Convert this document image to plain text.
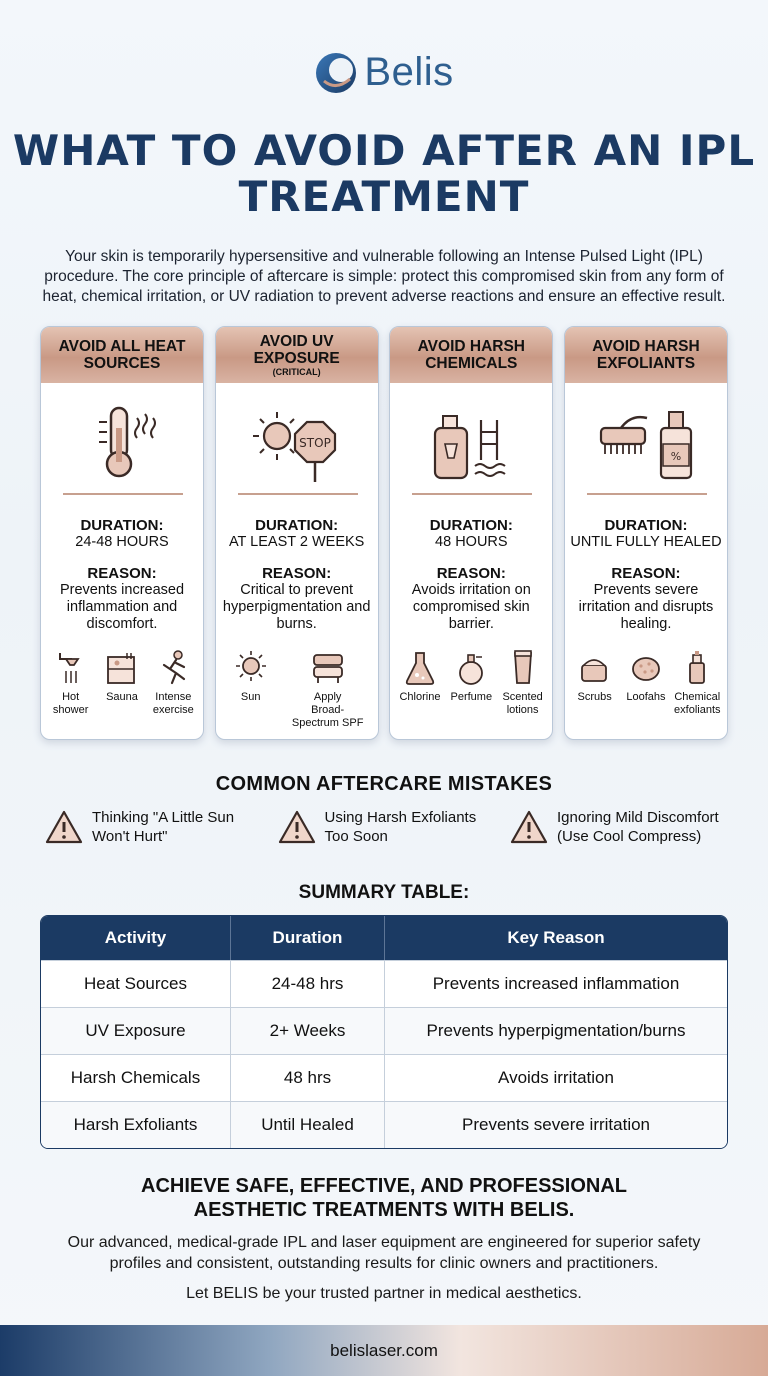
Belis
WHAT TO AVOID AFTER AN IPL TREATMENT
Your skin is temporarily hypersensitive and vulnerable following an Intense Pulsed Light (IPL) procedure. The core principle of aftercare is simple: protect this compromised skin from any form of heat, chemical irritation, or UV radiation to prevent adverse reactions and ensure an effective result.
AVOID ALL HEAT SOURCES
DURATION:
24-48 HOURS
REASON:
Prevents increased inflammation and discomfort.
Hot shower
Sauna	Intense exercise
AVOID UV EXPOSURE
(CRITICAL)
STOP
DURATION:
AT LEAST 2 WEEKS
REASON:
Critical to prevent hyperpigmentation and burns.
Sun	Apply
Broad-Spectrum SPF
AVOID HARSH CHEMICALS
DURATION:
48 HOURS
REASON:
Avoids irritation on compromised skin barrier.
Chlorine Perfume Scented lotions
AVOID HARSH EXFOLIANTS
%
DURATION:
UNTIL FULLY HEALED
REASON:
Prevents severe irritation and disrupts healing.
Scrubs Loofahs Chemical exfoliants
COMMON AFTERCARE MISTAKES
Thinking "A Little Sun Won't Hurt"
Using Harsh Exfoliants Too Soon
Ignoring Mild Discomfort (Use Cool Compress)
SUMMARY TABLE:
Activity	Duration	Key Reason
Heat Sources	24-48 hrs	Prevents increased inflammation
UV Exposure	2+ Weeks	Prevents hyperpigmentation/burns
Harsh Chemicals	48 hrs	Avoids irritation
Harsh Exfoliants	Until Healed	Prevents severe irritation
ACHIEVE SAFE, EFFECTIVE, AND PROFESSIONAL AESTHETIC TREATMENTS WITH BELIS.
Our advanced, medical-grade IPL and laser equipment are engineered for superior safety profiles and consistent, outstanding results for clinic owners and practitioners.
Let BELIS be your trusted partner in medical aesthetics.
belislaser.com
